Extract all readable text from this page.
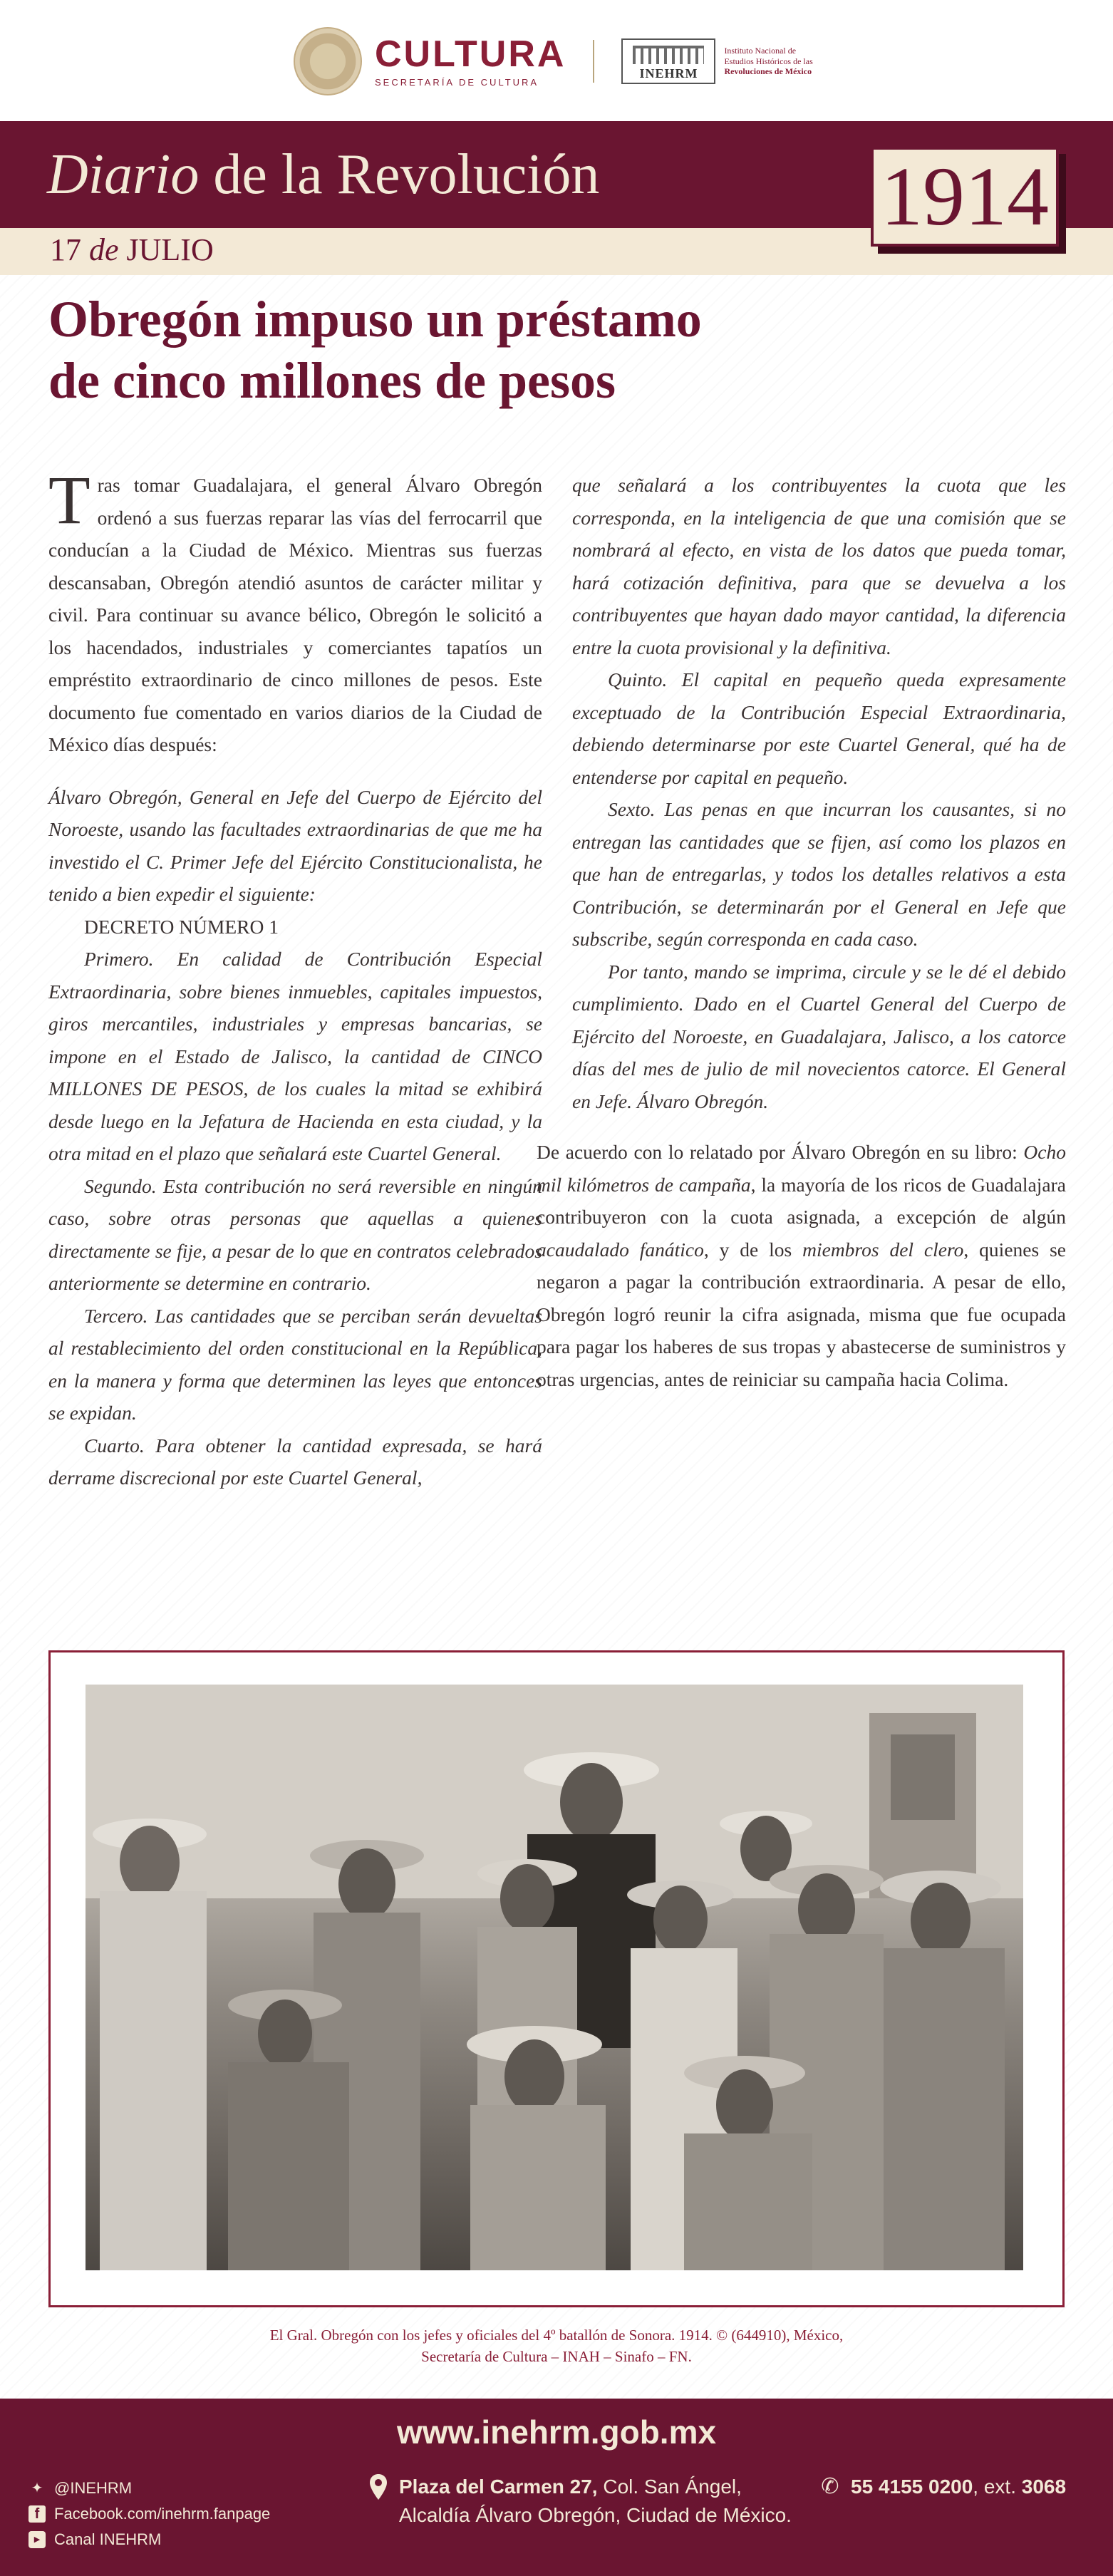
CULTURA
SECRETARÍA DE CULTURA
INEHRM
Instituto Nacional de
Estudios Históricos de las

Revoluciones de México
Diario de la Revolución
17 de JULIO
1914
Obregón impuso un préstamo
de cinco millones de pesos

Tras tomar Guadalajara, el general Álvaro Obregón ordenó a sus fuerzas reparar las vías del ferrocarril que conducían a la Ciudad de México. Mientras sus fuerzas descansaban, Obregón atendió asuntos de carácter militar y civil. Para continuar su avance bélico, Obregón le solicitó a los hacendados, industriales y comerciantes tapatíos un empréstito extraordinario de cinco millones de pesos. Este documento fue comentado en varios diarios de la Ciudad de México días después:

Álvaro Obregón, General en Jefe del Cuerpo de Ejército del Noroeste, usando las facultades extraordinarias de que me ha investido el C. Primer Jefe del Ejército Constitucionalista, he tenido a bien expedir el siguiente:

DECRETO NÚMERO 1

Primero. En calidad de Contribución Especial Extraordinaria, sobre bienes inmuebles, capitales impuestos, giros mercantiles, industriales y empresas bancarias, se impone en el Estado de Jalisco, la cantidad de CINCO MILLONES DE PESOS, de los cuales la mitad se exhibirá desde luego en la Jefatura de Hacienda en esta ciudad, y la otra mitad en el plazo que señalará este Cuartel General.

Segundo. Esta contribución no será reversible en ningún caso, sobre otras personas que aquellas a quienes directamente se fije, a pesar de lo que en contratos celebrados anteriormente se determine en contrario.

Tercero. Las cantidades que se perciban serán devueltas al restablecimiento del orden constitucional en la República, en la manera y forma que determinen las leyes que entonces se expidan.

Cuarto. Para obtener la cantidad expresada, se hará derrame discrecional por este Cuartel General,

que señalará a los contribuyentes la cuota que les corresponda, en la inteligencia de que una comisión que se nombrará al efecto, en vista de los datos que pueda tomar, hará cotización definitiva, para que se devuelva a los contribuyentes que hayan dado mayor cantidad, la diferencia entre la cuota provisional y la definitiva.

Quinto. El capital en pequeño queda expresamente exceptuado de la Contribución Especial Extraordinaria, debiendo determinarse por este Cuartel General, qué ha de entenderse por capital en pequeño.

Sexto. Las penas en que incurran los causantes, si no entregan las cantidades que se fijen, así como los plazos en que han de entregarlas, y todos los detalles relativos a esta Contribución, se determinarán por el General en Jefe que subscribe, según corresponda en cada caso.

Por tanto, mando se imprima, circule y se le dé el debido cumplimiento. Dado en el Cuartel General del Cuerpo de Ejército del Noroeste, en Guadalajara, Jalisco, a los catorce días del mes de julio de mil novecientos catorce. El General en Jefe. Álvaro Obregón.

De acuerdo con lo relatado por Álvaro Obregón en su libro: Ocho mil kilómetros de campaña, la mayoría de los ricos de Guadalajara contribuyeron con la cuota asignada, a excepción de algún acaudalado fanático, y de los miembros del clero, quienes se negaron a pagar la contribución extraordinaria. A pesar de ello, Obregón logró reunir la cifra asignada, misma que fue ocupada para pagar los haberes de sus tropas y abastecerse de suministros y otras urgencias, antes de reiniciar su campaña hacia Colima.

El Gral. Obregón con los jefes y oficiales del 4º batallón de Sonora. 1914. © (644910), México,
Secretaría de Cultura – INAH – Sinafo – FN.
www.inehrm.gob.mx
✦ @INEHRM
f Facebook.com/inehrm.fanpage
▶ Canal INEHRM
Plaza del Carmen 27, Col. San Ángel,
Alcaldía Álvaro Obregón, Ciudad de México.
✆ 55 4155 0200, ext. 3068
